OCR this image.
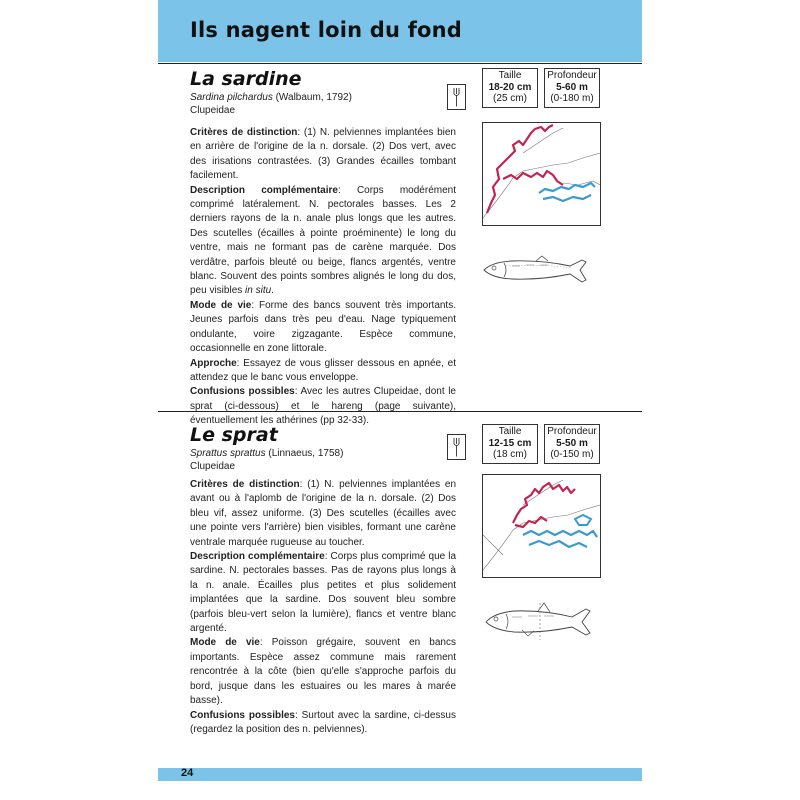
Ils nagent loin du fond
La sardine
Sardina pilchardus (Walbaum, 1792)
Clupeidae
Taille
18-20 cm
(25 cm)
Profondeur
5-60 m
(0-180 m)

Critères de distinction: (1) N. pelviennes implantées bien en arrière de l'origine de la n. dorsale. (2) Dos vert, avec des irisations contrastées. (3) Grandes écailles tombant facilement.

Description complémentaire: Corps modérément comprimé latéralement. N. pectorales basses. Les 2 derniers rayons de la n. anale plus longs que les autres. Des scutelles (écailles à pointe proéminente) le long du ventre, mais ne formant pas de carène marquée. Dos verdâtre, parfois bleuté ou beige, flancs argentés, ventre blanc. Souvent des points sombres alignés le long du dos, peu visibles in situ.

Mode de vie: Forme des bancs souvent très importants. Jeunes parfois dans très peu d'eau. Nage typiquement ondulante, voire zigzagante. Espèce commune, occasionnelle en zone littorale.

Approche: Essayez de vous glisser dessous en apnée, et attendez que le banc vous enveloppe.

Confusions possibles: Avec les autres Clupeidae, dont le sprat (ci-dessous) et le hareng (page suivante), éventuellement les athérines (pp 32-33).

Le sprat
Sprattus sprattus (Linnaeus, 1758)
Clupeidae
Taille
12-15 cm
(18 cm)
Profondeur
5-50 m
(0-150 m)

Critères de distinction: (1) N. pelviennes implantées en avant ou à l'aplomb de l'origine de la n. dorsale. (2) Dos bleu vif, assez uniforme. (3) Des scutelles (écailles avec une pointe vers l'arrière) bien visibles, formant une carène ventrale marquée rugueuse au toucher.

Description complémentaire: Corps plus comprimé que la sardine. N. pectorales basses. Pas de rayons plus longs à la n. anale. Écailles plus petites et plus solidement implantées que la sardine. Dos souvent bleu sombre (parfois bleu-vert selon la lumière), flancs et ventre blanc argenté.

Mode de vie: Poisson grégaire, souvent en bancs importants. Espèce assez commune mais rarement rencontrée à la côte (bien qu'elle s'approche parfois du bord, jusque dans les estuaires ou les mares à marée basse).

Confusions possibles: Surtout avec la sardine, ci-dessus (regardez la position des n. pelviennes).

24
